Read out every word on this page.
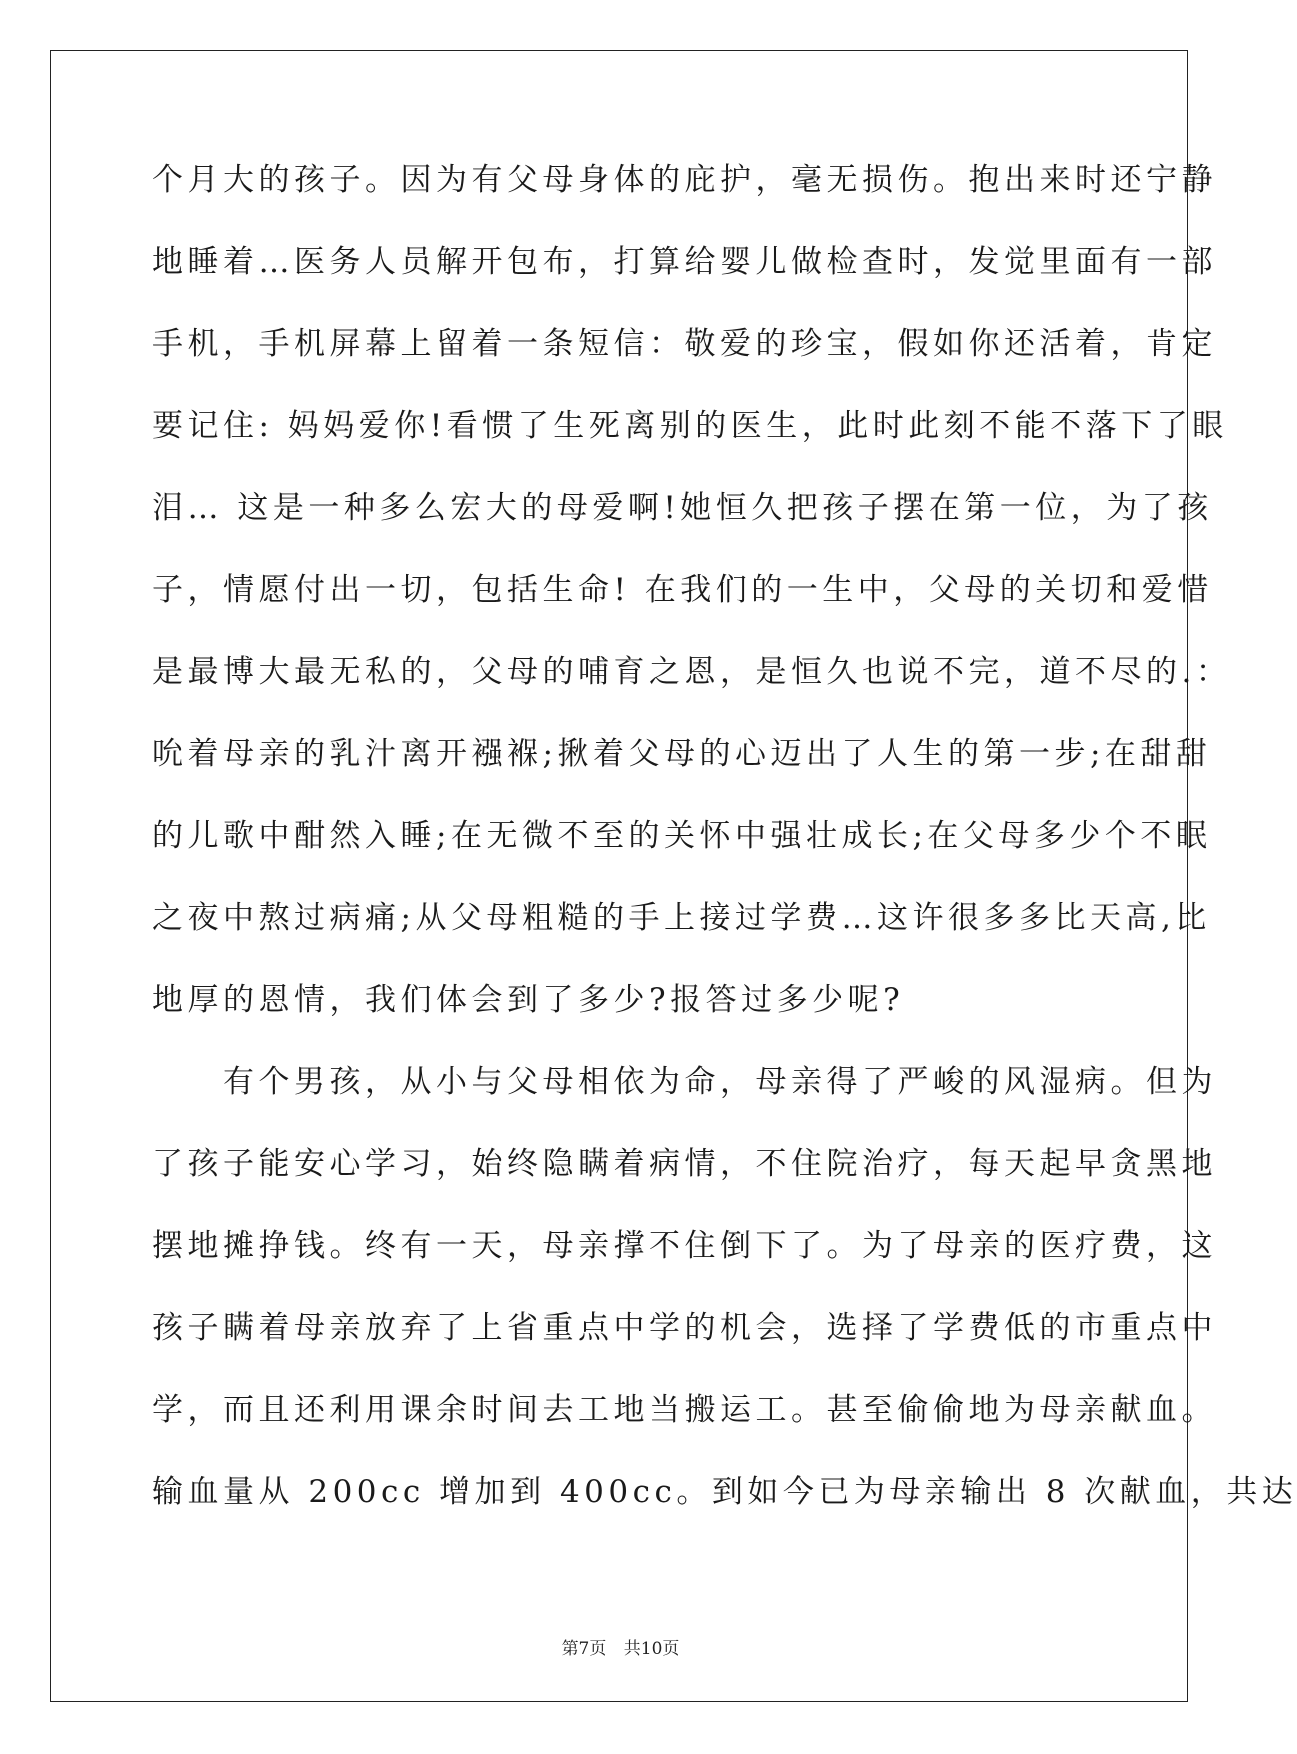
个月大的孩子。因为有父母身体的庇护，毫无损伤。抱出来时还宁静
地睡着…医务人员解开包布，打算给婴儿做检查时，发觉里面有一部
手机，手机屏幕上留着一条短信：敬爱的珍宝，假如你还活着，肯定
要记住: 妈妈爱你!看惯了生死离别的医生，此时此刻不能不落下了眼
泪… 这是一种多么宏大的母爱啊!她恒久把孩子摆在第一位，为了孩
子，情愿付出一切，包括生命! 在我们的一生中，父母的关切和爱惜
是最博大最无私的，父母的哺育之恩，是恒久也说不完，道不尽的.：
吮着母亲的乳汁离开襁褓;揪着父母的心迈出了人生的第一步;在甜甜
的儿歌中酣然入睡;在无微不至的关怀中强壮成长;在父母多少个不眠
之夜中熬过病痛;从父母粗糙的手上接过学费…这许很多多比天高,比
地厚的恩情，我们体会到了多少?报答过多少呢?
　　有个男孩，从小与父母相依为命，母亲得了严峻的风湿病。但为
了孩子能安心学习，始终隐瞒着病情，不住院治疗，每天起早贪黑地
摆地摊挣钱。终有一天，母亲撑不住倒下了。为了母亲的医疗费，这
孩子瞒着母亲放弃了上省重点中学的机会，选择了学费低的市重点中
学，而且还利用课余时间去工地当搬运工。甚至偷偷地为母亲献血。
输血量从 200cc 增加到 400cc。到如今已为母亲输出 8 次献血，共达
第7页 共10页
